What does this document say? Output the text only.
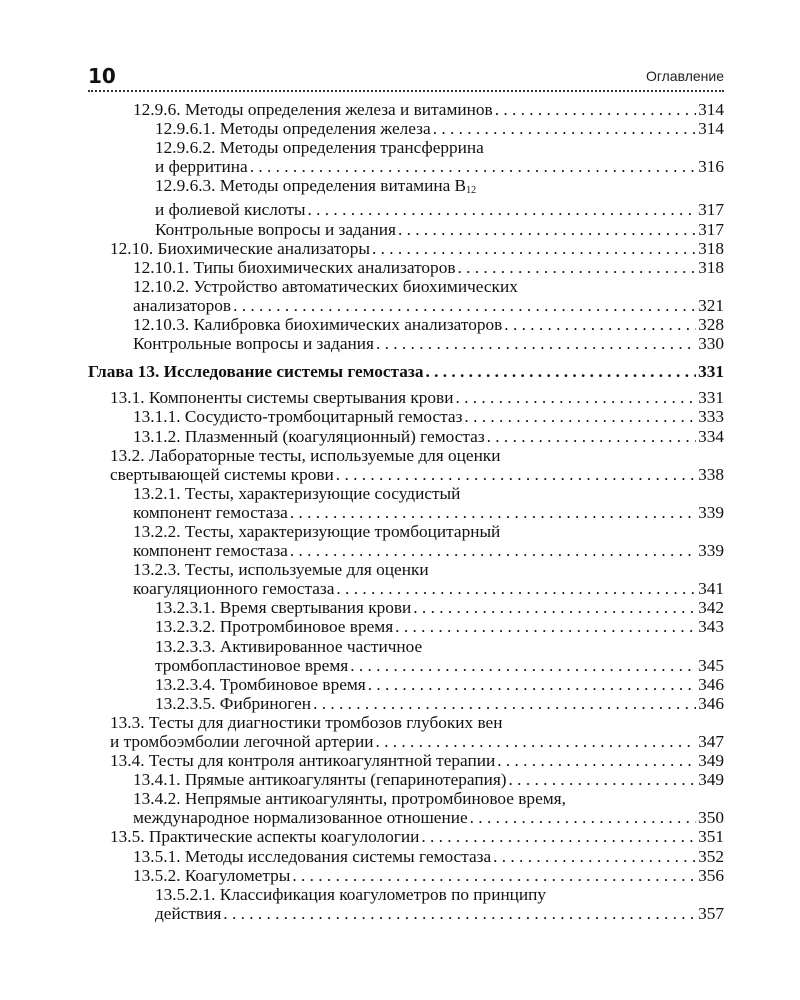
10	Оглавление
12.9.6. Методы определения железа и витаминов . . .	314
12.9.6.1. Методы определения железа . . .	314
12.9.6.2. Методы определения трансферрина
и ферритина . . .	316
12.9.6.3. Методы определения витамина $B_{12}$
и фолиевой кислоты . . .	317
Контрольные вопросы и задания . . .	317
12.10. Биохимические анализаторы . . .	318
12.10.1. Типы биохимических анализаторов . . .	318
12.10.2. Устройство автоматических биохимических
анализаторов . . .	321
12.10.3. Калибровка биохимических анализаторов . . .	328
Контрольные вопросы и задания . . .	330
Глава 13. Исследование системы гемостаза . . .	331
13.1. Компоненты системы свертывания крови . . .	331
13.1.1. Сосудисто-тромбоцитарный гемостаз . . .	333
13.1.2. Плазменный (коагуляционный) гемостаз . . .	334
13.2. Лабораторные тесты, используемые для оценки
свертывающей системы крови . . .	338
13.2.1. Тесты, характеризующие сосудистый
компонент гемостаза . . .	339
13.2.2. Тесты, характеризующие тромбоцитарный
компонент гемостаза . . .	339
13.2.3. Тесты, используемые для оценки
коагуляционного гемостаза . . .	341
13.2.3.1. Время свертывания крови . . .	342
13.2.3.2. Протромбиновое время . . .	343
13.2.3.3. Активированное частичное
тромбопластиновое время . . .	345
13.2.3.4. Тромбиновое время . . .	346
13.2.3.5. Фибриноген . . .	346
13.3. Тесты для диагностики тромбозов глубоких вен
и тромбоэмболии легочной артерии . . .	347
13.4. Тесты для контроля антикоагулянтной терапии . . .	349
13.4.1. Прямые антикоагулянты (гепаринотерапия) . . .	349
13.4.2. Непрямые антикоагулянты, протромбиновое время,
международное нормализованное отношение . . .	350
13.5. Практические аспекты коагулологии . . .	351
13.5.1. Методы исследования системы гемостаза . . .	352
13.5.2. Коагулометры . . .	356
13.5.2.1. Классификация коагулометров по принципу
действия . . .	357
